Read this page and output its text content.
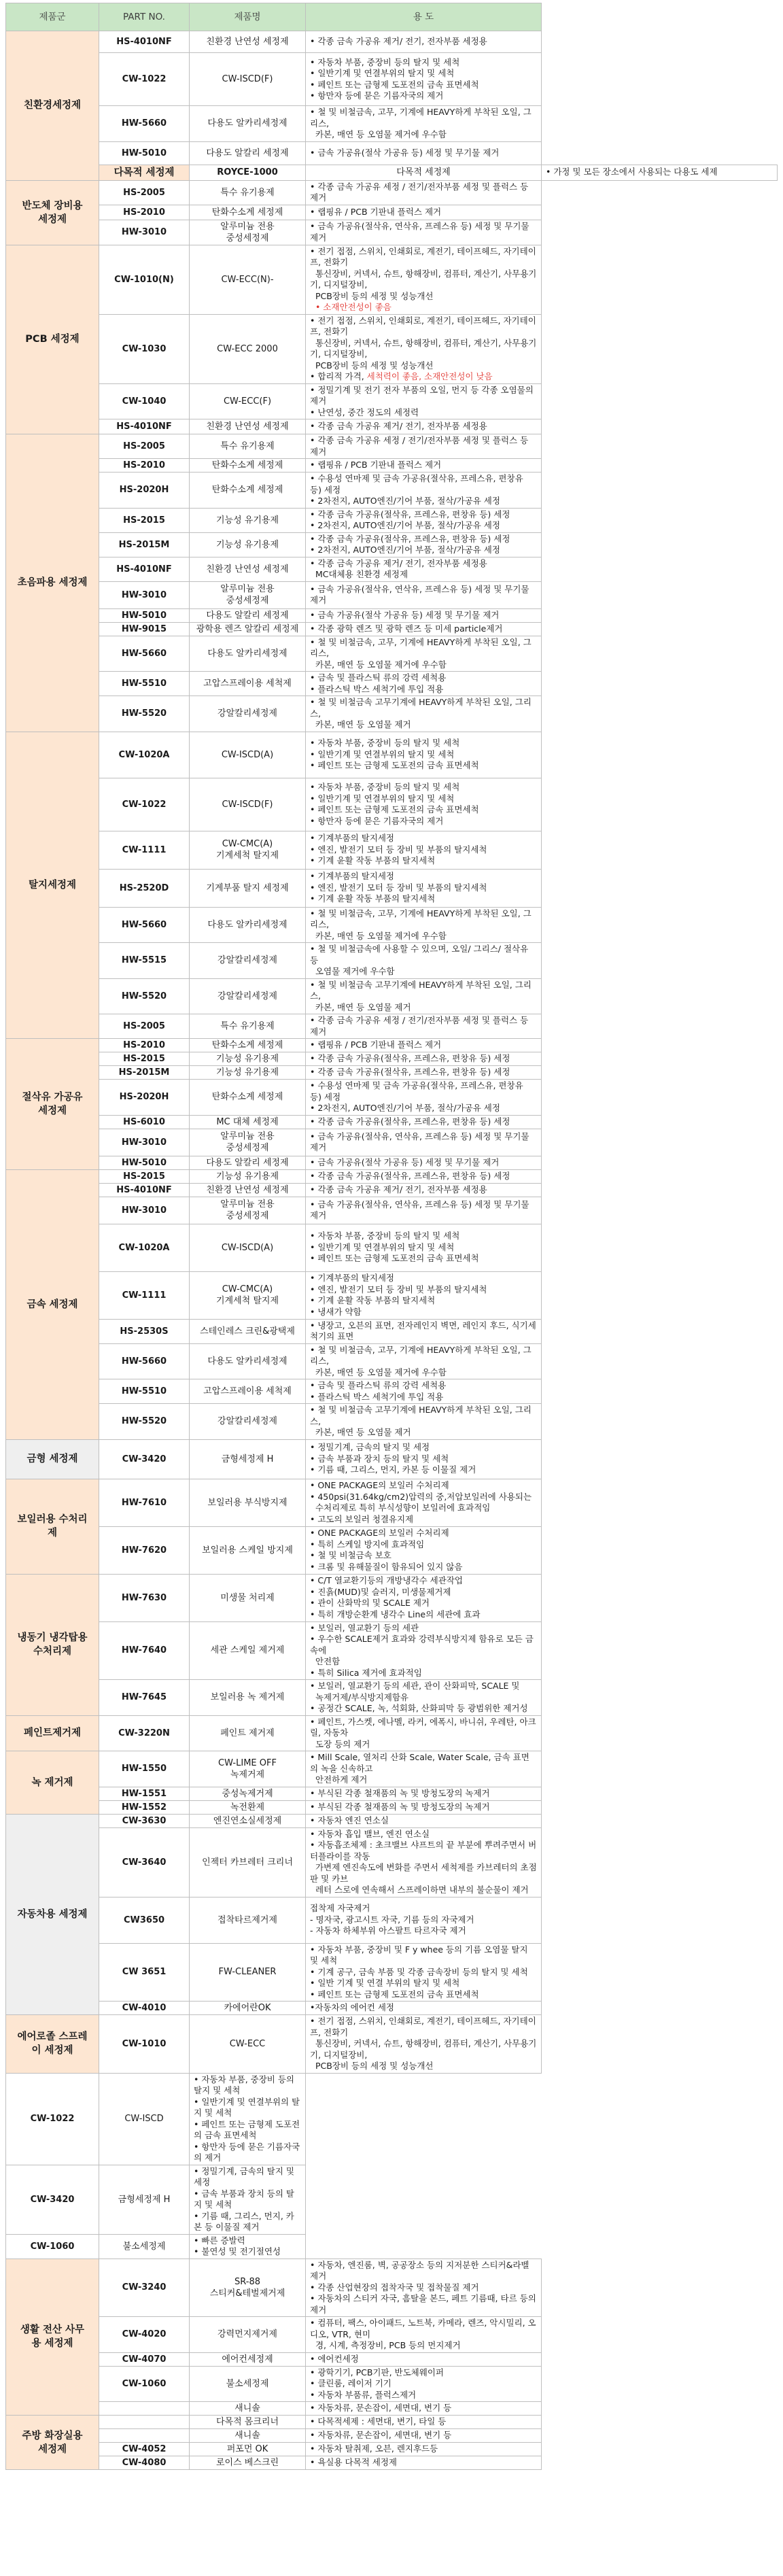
제품군	PART NO.	제품명	용 도	
친환경세정제	HS-4010NF	친환경 난연성 세정제	• 각종 금속 가공유 제거/ 전기, 전자부품 세정용	
	CW-1022	CW-ISCD(F)	• 자동차 부품, 중장비 등의 탈지 및 세척
• 일반기계 및 연결부위의 탈지 및 세척
• 페인트 또는 금형제 도포전의 금속 표면세척
• 항만자 등에 묻은 기름자국의 제거	
	HW-5660	다용도 알카리세정제	• 철 및 비철금속, 고무, 기계에 HEAVY하게 부착된 오일, 그리스,
카본, 매연 등 오염물 제거에 우수함	
	HW-5010	다용도 알칼리 세정제	• 금속 가공유(절삭 가공유 등) 세정 및 무기물 제거	
	다목적 세정제	ROYCE-1000	다목적 세정제	• 가정 및 모든 장소에서 사용되는 다용도 세제
반도체 장비용
세정제	HS-2005	특수 유기용제	• 각종 금속 가공유 세정 / 전기/전자부품 세정 및 플럭스 등 제거	
	HS-2010	탄화수소계 세정제	• 랩핑유 / PCB 기판내 플럭스 제거	
	HW-3010	알루미늄 전용
중성세정제	• 금속 가공유(절삭유, 연삭유, 프레스유 등) 세정 및 무기물 제거	
PCB 세정제	CW-1010(N)	CW-ECC(N)-	• 전기 접점, 스위치, 인쇄회로, 계전기, 테이프헤드, 자기테이프, 전화기
통신장비, 커넥서, 슈트, 항해장비, 컴퓨터, 계산기, 사무용기기, 디지털장비,
PCB장비 등의 세정 및 성능개선
• 소재안전성이 좋음	
	CW-1030	CW-ECC 2000	• 전기 접점, 스위치, 인쇄회로, 계전기, 테이프헤드, 자기테이프, 전화기
통신장비, 커넥서, 슈트, 항해장비, 컴퓨터, 계산기, 사무용기기, 디지털장비,
PCB장비 등의 세정 및 성능개선
• 합리적 가격, 세척력이 좋음, 소재안전성이 낮음	
	CW-1040	CW-ECC(F)	• 정밀기계 및 전기 전자 부품의 오일, 먼지 등 각종 오염물의 제거
• 난연성, 중간 정도의 세정력	
	HS-4010NF	친환경 난연성 세정제	• 각종 금속 가공유 제거/ 전기, 전자부품 세정용	
초음파용 세정제	HS-2005	특수 유기용제	• 각종 금속 가공유 세정 / 전기/전자부품 세정 및 플럭스 등 제거	
	HS-2010	탄화수소계 세정제	• 랩핑유 / PCB 기판내 플럭스 제거	
	HS-2020H	탄화수소계 세정제	• 수용성 연마제 및 금속 가공유(절삭유, 프레스유, 편창유 등) 세정
• 2차전지, AUTO엔진/기어 부품, 절삭/가공유 세정	
	HS-2015	기능성 유기용제	• 각종 금속 가공유(절삭유, 프레스유, 편창유 등) 세정
• 2차전지, AUTO엔진/기어 부품, 절삭/가공유 세정	
	HS-2015M	기능성 유기용제	• 각종 금속 가공유(절삭유, 프레스유, 편창유 등) 세정
• 2차전지, AUTO엔진/기어 부품, 절삭/가공유 세정	
	HS-4010NF	친환경 난연성 세정제	• 각종 금속 가공유 제거/ 전기, 전자부품 세정용
MC대체용 친환경 세정제	
	HW-3010	알루미늄 전용
중성세정제	• 금속 가공유(절삭유, 연삭유, 프레스유 등) 세정 및 무기물 제거	
	HW-5010	다용도 알칼리 세정제	• 금속 가공유(절삭 가공유 등) 세정 및 무기물 제거	
	HW-9015	광학용 렌즈 알칼리 세정제	• 각종 광학 렌즈 및 광학 렌즈 등 미세 particle제거	
	HW-5660	다용도 알카리세정제	• 철 및 비철금속, 고무, 기계에 HEAVY하게 부착된 오일, 그리스,
카본, 매연 등 오염물 제거에 우수함	
	HW-5510	고압스프레이용 세척제	• 금속 및 플라스틱 류의 강력 세척용
• 플라스틱 박스 세척기에 투입 적용	
	HW-5520	강알칼리세정제	• 철 및 비철금속 고무기계에 HEAVY하게 부착된 오일, 그리스,
카본, 매연 등 오염물 제거	
탈지세정제	CW-1020A	CW-ISCD(A)	• 자동차 부품, 중장비 등의 탈지 및 세척
• 일반기계 및 연결부위의 탈지 및 세척
• 페인트 또는 금형제 도포전의 금속 표면세척	
	CW-1022	CW-ISCD(F)	• 자동차 부품, 중장비 등의 탈지 및 세척
• 일반기계 및 연결부위의 탈지 및 세척
• 페인트 또는 금형제 도포전의 금속 표면세척
• 항만자 등에 묻은 기름자국의 제거	
	CW-1111	CW-CMC(A)
기계세척 탈지제	• 기계부품의 탈지세정
• 엔진, 발전기 모터 등 장비 및 부품의 탈지세척
• 기계 윤활 작동 부품의 탈지세척	
	HS-2520D	기계부품 탈지 세정제	• 기계부품의 탈지세정
• 엔진, 발전기 모터 등 장비 및 부품의 탈지세척
• 기계 윤활 작동 부품의 탈지세척	
	HW-5660	다용도 알카리세정제	• 철 및 비철금속, 고무, 기계에 HEAVY하게 부착된 오일, 그리스,
카본, 매연 등 오염물 제거에 우수함	
	HW-5515	강알칼리세정제	• 철 및 비철금속에 사용할 수 있으며, 오일/ 그리스/ 절삭유 등
오염물 제거에 우수함	
	HW-5520	강알칼리세정제	• 철 및 비철금속 고무기계에 HEAVY하게 부착된 오일, 그리스,
카본, 매연 등 오염물 제거	
	HS-2005	특수 유기용제	• 각종 금속 가공유 세정 / 전기/전자부품 세정 및 플럭스 등 제거	
절삭유 가공유
세정제	HS-2010	탄화수소계 세정제	• 랩핑유 / PCB 기판내 플럭스 제거	
	HS-2015	기능성 유기용제	• 각종 금속 가공유(절삭유, 프레스유, 편창유 등) 세정	
	HS-2015M	기능성 유기용제	• 각종 금속 가공유(절삭유, 프레스유, 편창유 등) 세정	
	HS-2020H	탄화수소계 세정제	• 수용성 연마제 및 금속 가공유(절삭유, 프레스유, 편창유 등) 세정
• 2차전지, AUTO엔진/기어 부품, 절삭/가공유 세정	
	HS-6010	MC 대체 세정제	• 각종 금속 가공유(절삭유, 프레스유, 편창유 등) 세정	
	HW-3010	알루미늄 전용
중성세정제	• 금속 가공유(절삭유, 연삭유, 프레스유 등) 세정 및 무기물 제거	
	HW-5010	다용도 알칼리 세정제	• 금속 가공유(절삭 가공유 등) 세정 및 무기물 제거	
금속 세정제	HS-2015	기능성 유기용제	• 각종 금속 가공유(절삭유, 프레스유, 편창유 등) 세정	
	HS-4010NF	친환경 난연성 세정제	• 각종 금속 가공유 제거/ 전기, 전자부품 세정용	
	HW-3010	알루미늄 전용
중성세정제	• 금속 가공유(절삭유, 연삭유, 프레스유 등) 세정 및 무기물 제거	
	CW-1020A	CW-ISCD(A)	• 자동차 부품, 중장비 등의 탈지 및 세척
• 일반기계 및 연결부위의 탈지 및 세척
• 페인트 또는 금형제 도포전의 금속 표면세척	
	CW-1111	CW-CMC(A)
기계세척 탈지제	• 기계부품의 탈지세정
• 엔진, 발전기 모터 등 장비 및 부품의 탈지세척
• 기계 윤활 작동 부품의 탈지세척
• 냉새가 약함	
	HS-2530S	스테인레스 크린&광택제	• 냉장고, 오븐의 표면, 전자레인지 벽면, 레인지 후드, 식기세척기의 표면	
	HW-5660	다용도 알카리세정제	• 철 및 비철금속, 고무, 기계에 HEAVY하게 부착된 오일, 그리스,
카본, 매연 등 오염물 제거에 우수함	
	HW-5510	고압스프레이용 세척제	• 금속 및 플라스틱 류의 강력 세척용
• 플라스틱 박스 세척기에 투입 적용	
	HW-5520	강알칼리세정제	• 철 및 비철금속 고무기계에 HEAVY하게 부착된 오일, 그리스,
카본, 매연 등 오염물 제거	
금형 세정제	CW-3420	금형세정제 H	• 정밀기계, 금속의 탈지 및 세정
• 금속 부품과 장치 등의 탈지 및 세척
• 기름 때, 그리스, 먼지, 카본 등 이물질 제거	
보일러용 수처리
제	HW-7610	보일러용 부식방지제	• ONE PACKAGE의 보일러 수처리제
• 450psi(31.64kg/cm2)압력의 중,저압보일러에 사용되는
수처리제로 특히 부식성향이 보일러에 효과적임
• 고도의 보일러 청결유지제	
	HW-7620	보일러용 스케일 방지제	• ONE PACKAGE의 보일러 수처리제
• 특히 스케일 방지에 효과적임
• 철 및 비철금속 보호
• 크롬 및 유해물질이 함유되어 있지 않음	
냉동기 냉각탑용
수처리제	HW-7630	미생물 처리제	• C/T 열교환기등의 개방냉각수 세관작업
• 진흙(MUD)및 슬러지, 미생물제거제
• 관이 산화막의 및 SCALE 제거
• 특히 개방순환계 냉각수 Line의 세관에 효과	
	HW-7640	세관 스케일 제거제	• 보일러, 열교환기 등의 세관
• 우수한 SCALE제거 효과와 강력부식방지제 함유로 모든 금속에
안전함
• 특히 Silica 제거에 효과적임	
	HW-7645	보일러용 녹 제거제	• 보일러, 열교환기 등의 세관, 관이 산화피막, SCALE 및
녹제거제/부식방지제함유
• 공정간 SCALE, 녹, 석회화, 산화피막 등 광범위한 제거성	
페인트제거제	CW-3220N	페인트 제거제	• 페인트, 가스켓, 에나멜, 라커, 에폭시, 바니쉬, 우레탄, 아크릴, 자동차
도장 등의 제거	
녹 제거제	HW-1550	CW-LIME OFF
녹제거제	• Mill Scale, 열처리 산화 Scale, Water Scale, 금속 표면의 녹을 신속하고
안전하게 제거	
	HW-1551	중성녹제거제	• 부식된 각종 철재품의 녹 및 방청도장의 녹제거	
	HW-1552	녹전환제	• 부식된 각종 철재품의 녹 및 방청도장의 녹제거	
자동차용 세정제	CW-3630	엔진연소실세정제	• 자동차 엔진 연소실	
	CW-3640	인젝터 카브레터 크리너	• 자동차 흡입 밸브, 엔진 연소실
• 자동흡조체제 : 초크밸브 샤프트의 끝 부분에 뿌려주면서 버터플라이를 작동
가변제 엔진속도에 변화를 주면서 세척제를 카브레터의 초점판 및 카브
레터 스로에 연속해서 스프레이하면 내부의 불순물이 제거	
	CW3650	접착타르제거제	접착제 자국제거
- 명자국, 광고시트 자국, 기름 등의 자국제거
- 자동차 하체부위 아스팔트 타르자국 제거	
	CW 3651	FW-CLEANER	• 자동차 부품, 중장비 및 F y whee 등의 기름 오염물 탈지 및 세척
• 기계 공구, 금속 부품 및 각종 금속장비 등의 탈지 및 세척
• 일반 기계 및 연결 부위의 탈지 및 세척
• 페인트 또는 금형제 도포전의 금속 표면세척	
	CW-4010	카에어란OK	•자동차의 에어컨 세정	
에어로졸 스프레
이 세정제	CW-1010	CW-ECC	• 전기 접점, 스위치, 인쇄회로, 계전기, 테이프헤드, 자기테이프, 전화기
통신장비, 커넥서, 슈트, 항해장비, 컴퓨터, 계산기, 사무용기기, 디지털장비,
PCB장비 등의 세정 및 성능개선	
CW-1022	CW-ISCD	• 자동차 부품, 중장비 등의 탈지 및 세척
• 일반기계 및 연결부위의 탈지 및 세척
• 페인트 또는 금형제 도포전의 금속 표면세척
• 항만자 등에 묻은 기름자국의 제거		
CW-3420	금형세정제 H	• 정밀기계, 금속의 탈지 및 세정
• 금속 부품과 장치 등의 탈지 및 세척
• 기름 때, 그리스, 먼지, 카본 등 이물질 제거		
CW-1060	불소세정제	• 빠른 증발력
• 불연성 및 전기절연성		
생활 전산 사무
용 세정제	CW-3240	SR-88
스티커&테벌제거제	• 자동차, 엔진룸, 벽, 공공장소 등의 지저분한 스티커&라벨제거
• 각종 산업현장의 접착자국 및 접착물질 제거
• 자동차의 스티커 자국, 흠탈을 본드, 페트 기름때, 타르 등의 제거	
	CW-4020	강력먼지제거제	• 컴퓨터, 팩스, 아이패드, 노트북, 카메라, 렌즈, 악시밀리, 오디오, VTR, 현미
경, 시계, 측정장비, PCB 등의 먼지제거	
	CW-4070	에어컨세정제	• 에어컨세정	
	CW-1060	불소세정제	• 광학기기, PCB기판, 반도체웨이퍼
• 클린룸, 레이저 기기
• 자동차 부품류, 플럭스제거	
		새니솔	• 자동차류, 문손잡이, 세면대, 변기 등	
주방 화장실용
세정제		다목적 몸크리너	• 다목적세제 : 세면대, 변기, 타일 등	
		새니솔	• 자동차류, 문손잡이, 세면대, 변기 등	
	CW-4052	퍼포먼 OK	• 자동차 탈취제, 오븐, 렌지후드등	
	CW-4080	로이스 베스크린	• 욕실용 다목적 세정제	
